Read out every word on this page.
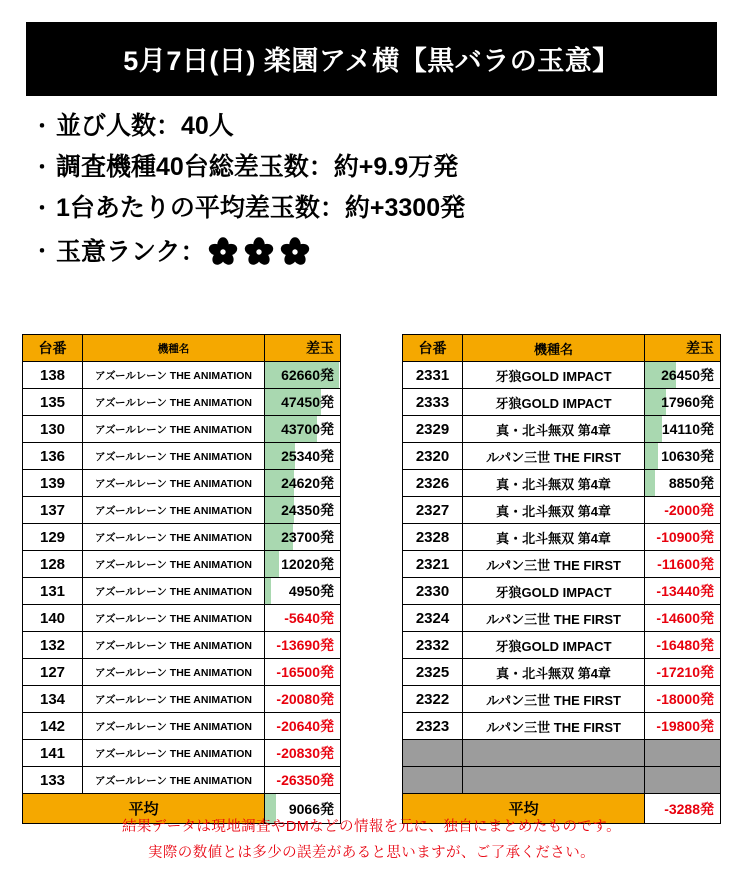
5月7日(日) 楽園アメ横【黒バラの玉意】
・ 並び人数：40人
・ 調査機種40台総差玉数：約+9.9万発
・ 1台あたりの平均差玉数：約+3300発
・ 玉意ランク：
台番	機種名	差玉
138	アズールレーン THE ANIMATION	62660発
135	アズールレーン THE ANIMATION	47450発
130	アズールレーン THE ANIMATION	43700発
136	アズールレーン THE ANIMATION	25340発
139	アズールレーン THE ANIMATION	24620発
137	アズールレーン THE ANIMATION	24350発
129	アズールレーン THE ANIMATION	23700発
128	アズールレーン THE ANIMATION	12020発
131	アズールレーン THE ANIMATION	4950発
140	アズールレーン THE ANIMATION	-5640発
132	アズールレーン THE ANIMATION	-13690発
127	アズールレーン THE ANIMATION	-16500発
134	アズールレーン THE ANIMATION	-20080発
142	アズールレーン THE ANIMATION	-20640発
141	アズールレーン THE ANIMATION	-20830発
133	アズールレーン THE ANIMATION	-26350発
平均		9066発
台番	機種名	差玉
2331	牙狼GOLD IMPACT	26450発
2333	牙狼GOLD IMPACT	17960発
2329	真・北斗無双 第4章	14110発
2320	ルパン三世 THE FIRST	10630発
2326	真・北斗無双 第4章	8850発
2327	真・北斗無双 第4章	-2000発
2328	真・北斗無双 第4章	-10900発
2321	ルパン三世 THE FIRST	-11600発
2330	牙狼GOLD IMPACT	-13440発
2324	ルパン三世 THE FIRST	-14600発
2332	牙狼GOLD IMPACT	-16480発
2325	真・北斗無双 第4章	-17210発
2322	ルパン三世 THE FIRST	-18000発
2323	ルパン三世 THE FIRST	-19800発

平均		-3288発
結果データは現地調査やDMなどの情報を元に、独自にまとめたものです。
実際の数値とは多少の誤差があると思いますが、ご了承ください。
